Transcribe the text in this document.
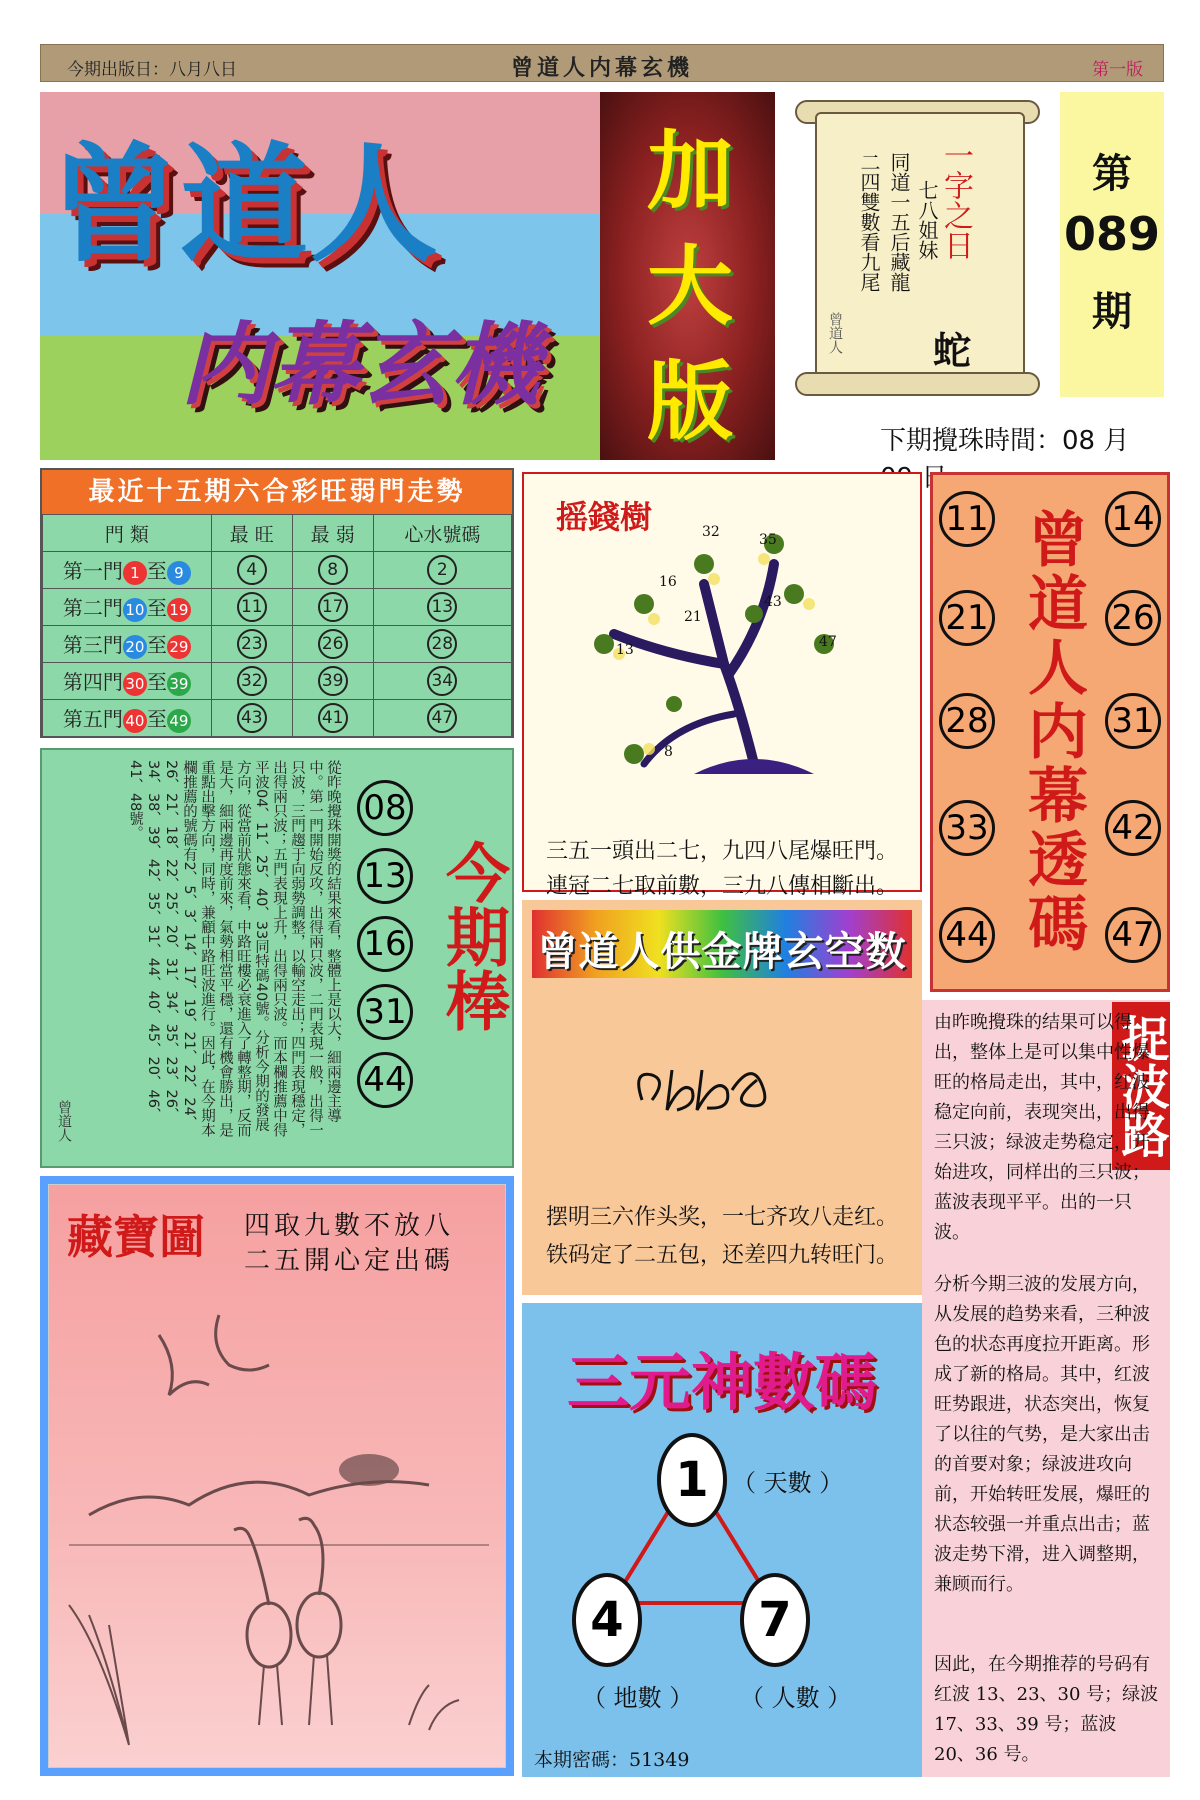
今期出版日：八月八日	曾道人内幕玄機	第一版
曾道人
内幕玄機
加
大
版
一字之日
七八姐妹
同道一五后藏龍
二四雙數看九尾
蛇
曾道人
第
089
期
下期攪珠時間：08 月
最近十五期六合彩旺弱門走勢
門 類	最 旺	最 弱	心水號碼
第一門 1 至 9	4	8	2
第二門 10 至 19	11	17	13
第三門 20 至 29	23	26	28
第四門 30 至 39	32	39	34
第五門 40 至 49	43	41	47
從昨晚攪珠開獎的結果來看，整體上是以大，細兩邊主導中。第一門開始反攻，出得兩只波，二門表現一般，出得一只波，三門趨于向弱勢調整，以輸空走出；四門表現穩定，出得兩只波；五門表現上升，出得兩只波。而本欄推薦中得平波04、11、25、40、33同特碼40號。分析今期的發展方向，從當前狀態來看，中路旺樓必衰進入了轉整期，反而是大，細兩邊再度前來，氣勢相當平穩，還有機會勝出，是重點出擊方向，同時，兼顧中路旺波進行。因此，在今期本欄推薦的號碼有2、5、3、14、17、19、21、22、24、26、21、18、22、25、20、31、34、35、23、26、34、38、39、42、35、31、44、40、45、20、46、41、48號。
曾道人
08
13
16
31
44
今期棒
藏寶圖 四取九數不放八
二五開心定出碼
摇錢樹	32	35
16
21
43
13	47
8
三五一頭出二七，九四八尾爆旺門。
連冠二七取前數，三九八傳相斷出。
曾道人供金牌玄空数
摆明三六作头奖，一七齐攻八走红。
铁码定了二五包，还差四九转旺门。
三元神數碼
1 （ 天數 ）
4
（ 地數 ）
7
（ 人數 ）
本期密碼：51349
曾道人内幕透碼
11	14
21	26
28	31
33	42
44	47
捉波路
由昨晚攪珠的结果可以得出，整体上是可以集中性爆旺的格局走出，其中，红波稳定向前，表现突出，出得三只波；绿波走势稳定，开始进攻，同样出的三只波；蓝波表现平平。出的一只波。
分析今期三波的发展方向，从发展的趋势来看，三种波色的状态再度拉开距离。形成了新的格局。其中，红波旺势跟进，状态突出，恢复了以往的气势，是大家出击的首要对象；绿波进攻向前，开始转旺发展，爆旺的状态较强一并重点出击；蓝波走势下滑，进入调整期，兼顾而行。
因此，在今期推荐的号码有红波 13、23、30 号；绿波 17、33、39 号；蓝波 20、36 号。
